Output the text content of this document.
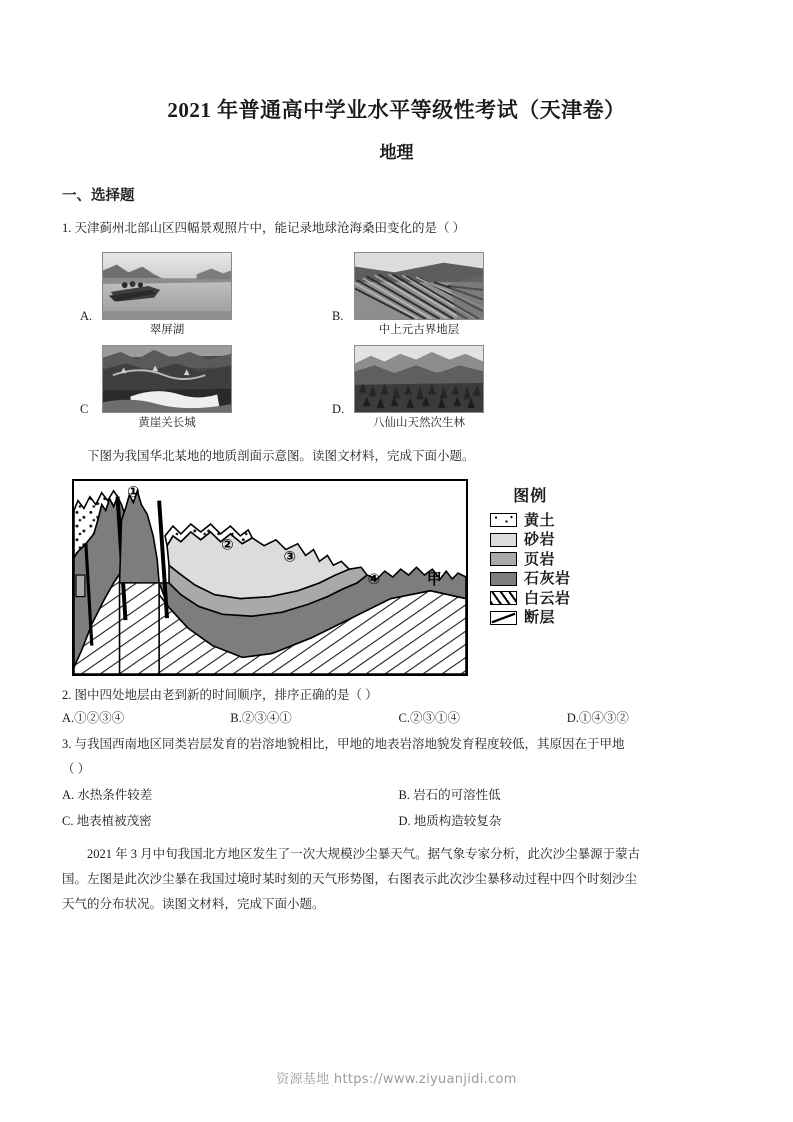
2021 年普通高中学业水平等级性考试（天津卷）
地理
一、选择题

1. 天津蓟州北部山区四幅景观照片中，能记录地球沧海桑田变化的是（ ）

A.
翠屏湖
B.
中上元古界地层
C
黄崖关长城
D.
八仙山天然次生林

下图为我国华北某地的地质剖面示意图。读图文材料，完成下面小题。

①
②
③
④	甲
图例
黄土
砂岩
页岩
石灰岩
白云岩
断层

2. 图中四处地层由老到新的时间顺序，排序正确的是（ ）

A.①②③④	B.②③④①	C.②③①④	D.①④③②

3. 与我国西南地区同类岩层发育的岩溶地貌相比，甲地的地表岩溶地貌发育程度较低，其原因在于甲地

（ ）

A. 水热条件较差	B. 岩石的可溶性低
C. 地表植被茂密	D. 地质构造较复杂

2021 年 3 月中旬我国北方地区发生了一次大规模沙尘暴天气。据气象专家分析，此次沙尘暴源于蒙古

国。左图是此次沙尘暴在我国过境时某时刻的天气形势图，右图表示此次沙尘暴移动过程中四个时刻沙尘

天气的分布状况。读图文材料，完成下面小题。

资源基地 https://www.ziyuanjidi.com
